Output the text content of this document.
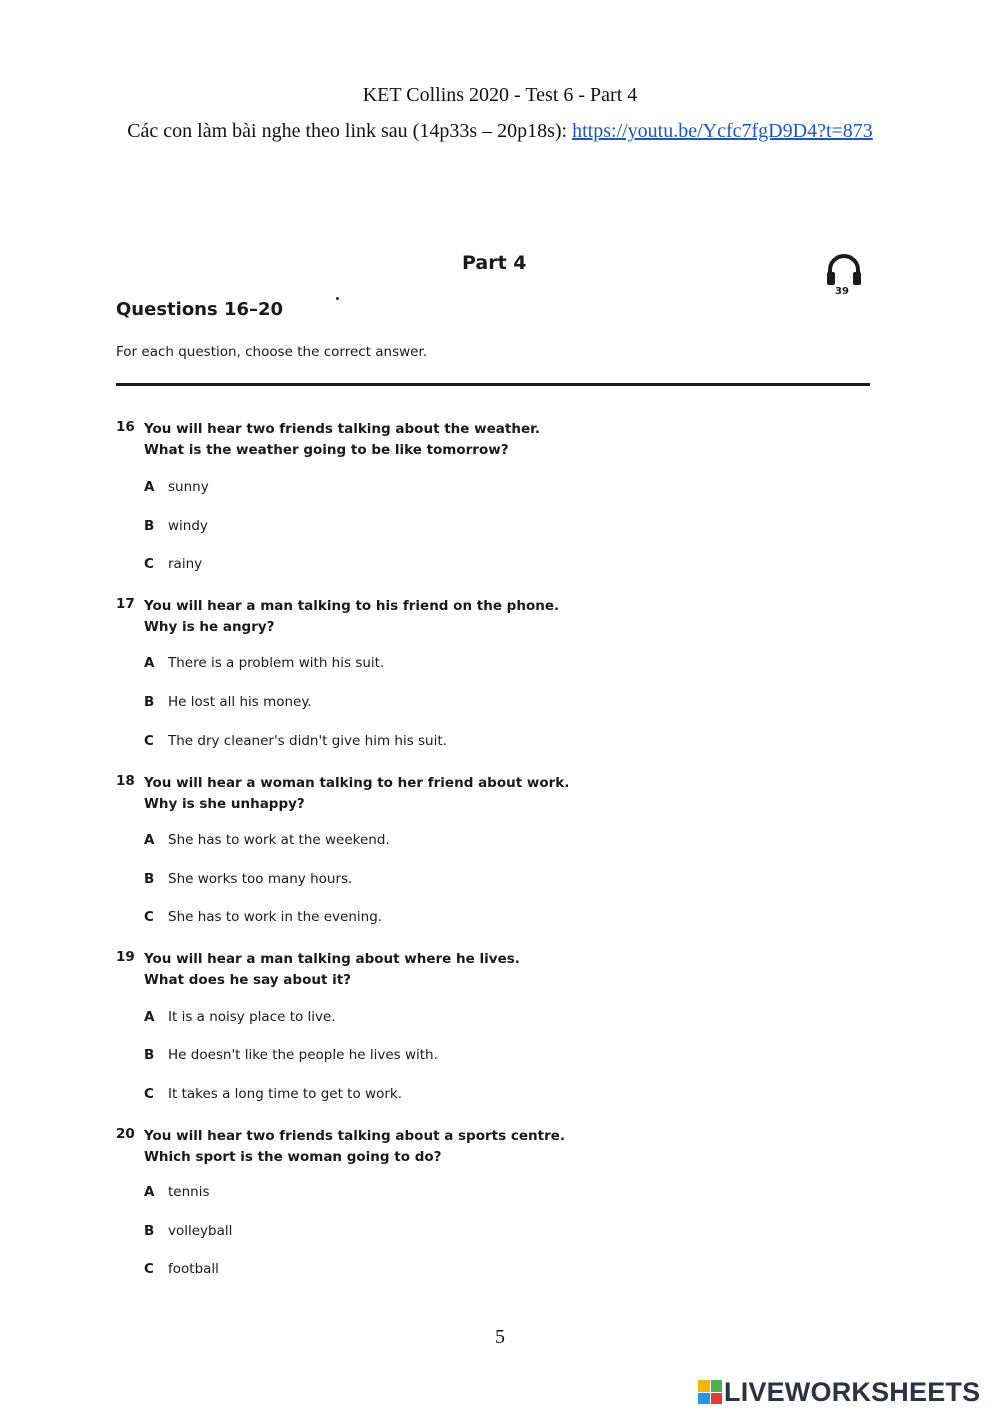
KET Collins 2020 - Test 6 - Part 4
Các con làm bài nghe theo link sau (14p33s – 20p18s): https://youtu.be/Ycfc7fgD9D4?t=873
Part 4
39
Questions 16–20
For each question, choose the correct answer.
16 You will hear two friends talking about the weather.
What is the weather going to be like tomorrow?
A sunny
B windy
C rainy
17 You will hear a man talking to his friend on the phone.
Why is he angry?
A There is a problem with his suit.
B He lost all his money.
C The dry cleaner's didn't give him his suit.
18 You will hear a woman talking to her friend about work.
Why is she unhappy?
A She has to work at the weekend.
B She works too many hours.
C She has to work in the evening.
19 You will hear a man talking about where he lives.
What does he say about it?
A It is a noisy place to live.
B He doesn't like the people he lives with.
C It takes a long time to get to work.
20 You will hear two friends talking about a sports centre.
Which sport is the woman going to do?
A tennis
B volleyball
C football
5
LIVEWORKSHEETS
